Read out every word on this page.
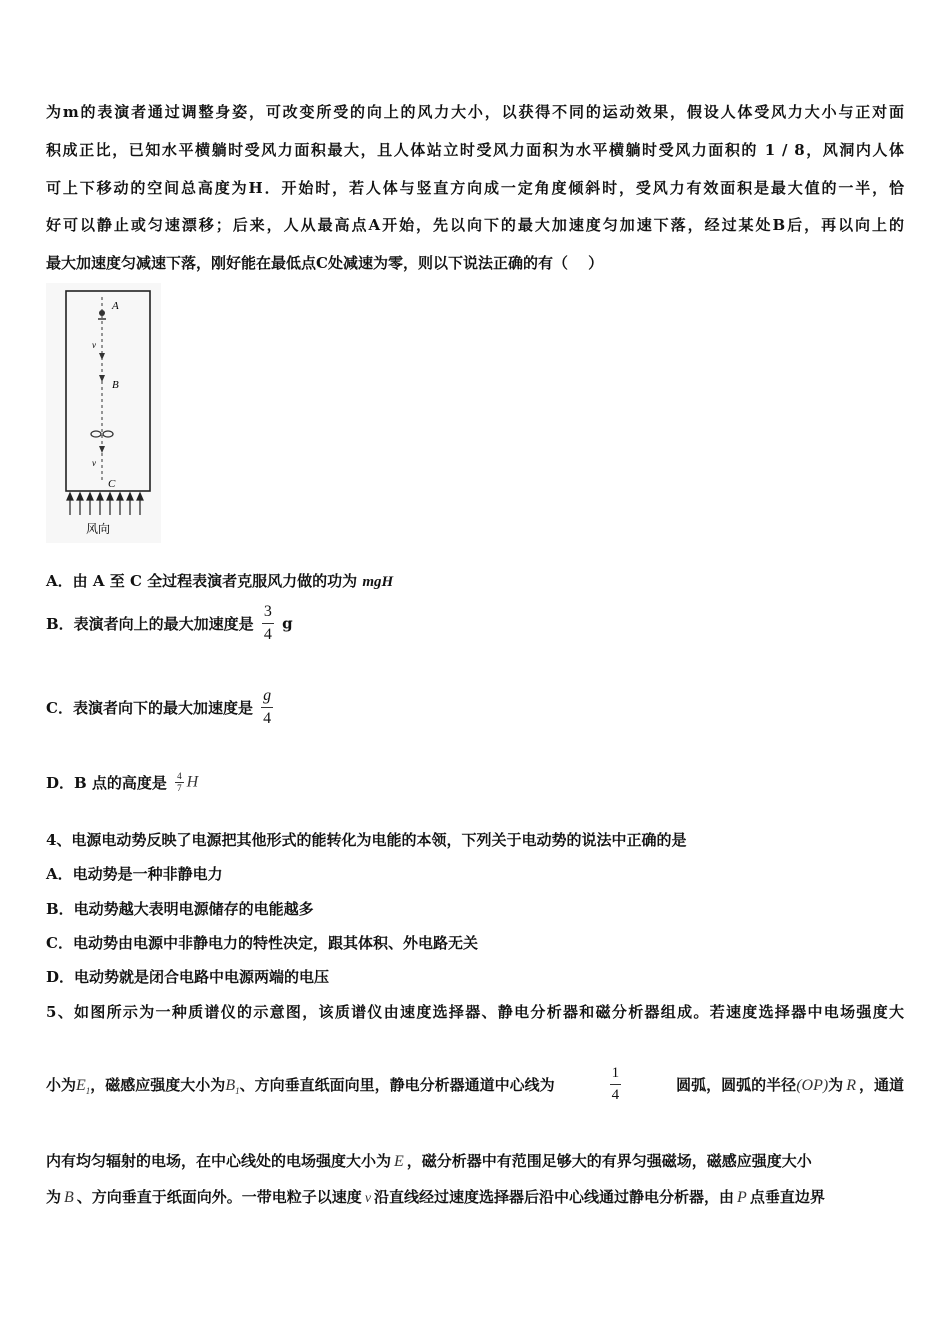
为m的表演者通过调整身姿，可改变所受的向上的风力大小，以获得不同的运动效果，假设人体受风力大小与正对面
积成正比，已知水平横躺时受风力面积最大，且人体站立时受风力面积为水平横躺时受风力面积的 1 / 8，风洞内人体
可上下移动的空间总高度为H．开始时，若人体与竖直方向成一定角度倾斜时，受风力有效面积是最大值的一半，恰
好可以静止或匀速漂移；后来，人从最高点A开始，先以向下的最大加速度匀加速下落，经过某处B后，再以向上的
最大加速度匀减速下落，刚好能在最低点C处减速为零，则以下说法正确的有（　 ）
A
v
B
v
C
风向
A．由 A 至 C 全过程表演者克服风力做的功为 mgH
B．表演者向上的最大加速度是 $\frac{3}{4}$ g
C．表演者向下的最大加速度是 $\frac{g}{4}$
D．B 点的高度是 $\frac{4}{7}$ H
4、电源电动势反映了电源把其他形式的能转化为电能的本领，下列关于电动势的说法中正确的是
A．电动势是一种非静电力
B．电动势越大表明电源储存的电能越多
C．电动势由电源中非静电力的特性决定，跟其体积、外电路无关
D．电动势就是闭合电路中电源两端的电压
5、如图所示为一种质谱仪的示意图，该质谱仪由速度选择器、静电分析器和磁分析器组成。若速度选择器中电场强度大
小为$E_1$，磁感应强度大小为$B_1$、方向垂直纸面向里，静电分析器通道中心线为	$\frac{1}{4}$	圆弧，圆弧的半径(OP)为 R ，通道
内有均匀辐射的电场，在中心线处的电场强度大小为 E ，磁分析器中有范围足够大的有界匀强磁场，磁感应强度大小
为 B 、方向垂直于纸面向外。一带电粒子以速度 v 沿直线经过速度选择器后沿中心线通过静电分析器，由 P 点垂直边界
